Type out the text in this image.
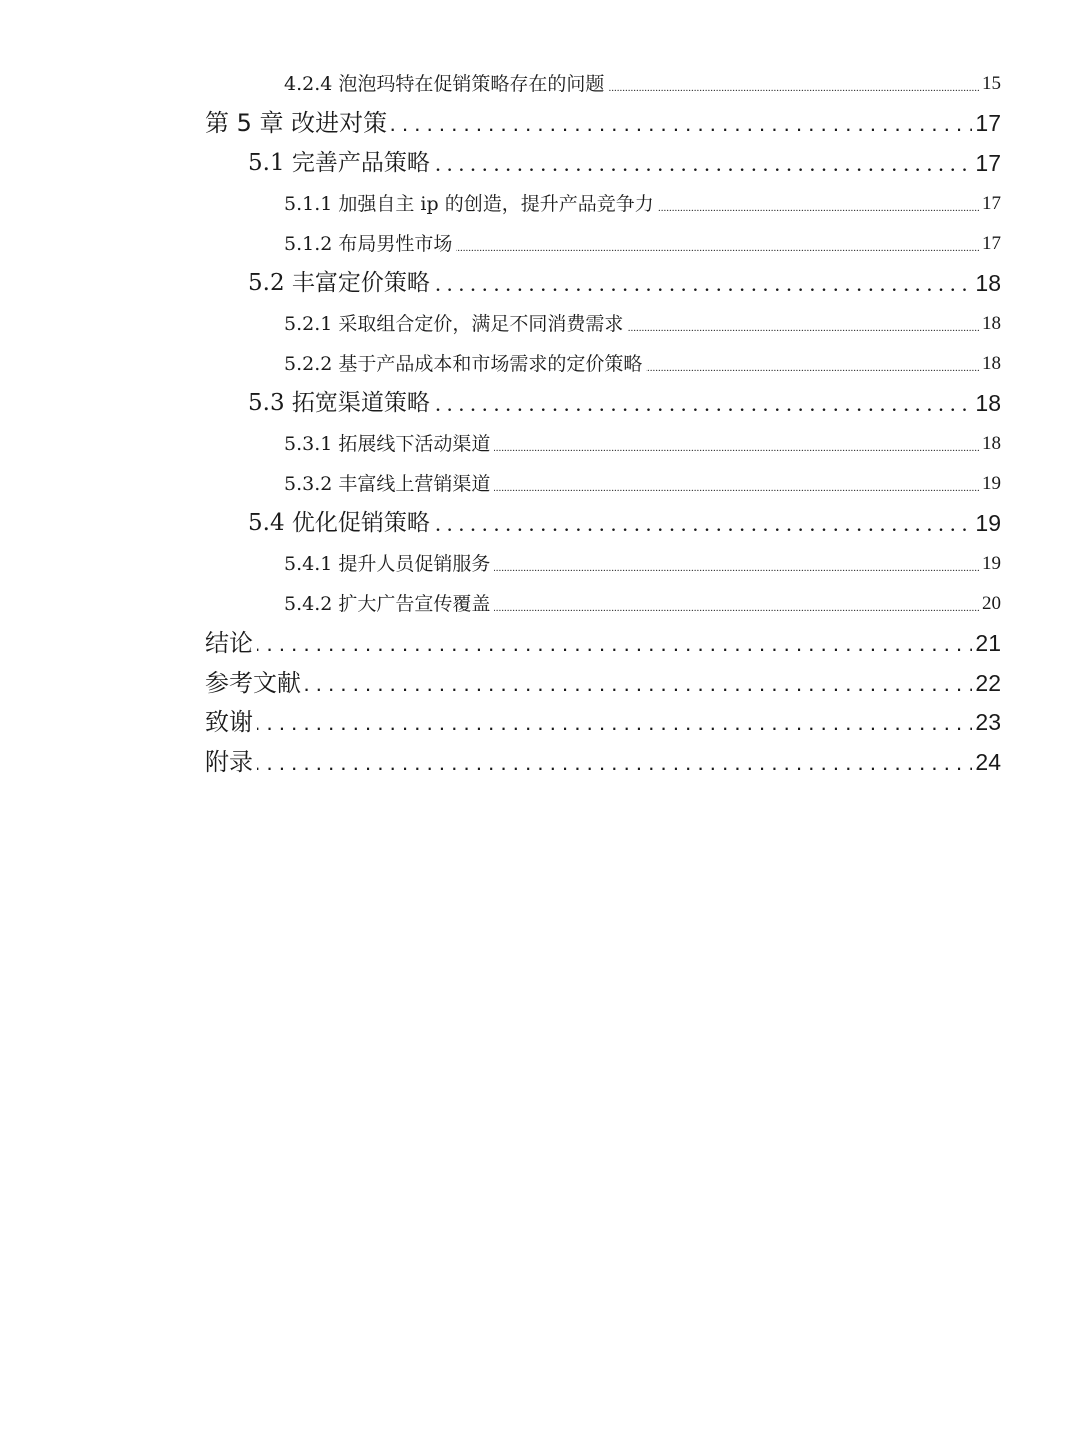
4.2.4 泡泡玛特在促销策略存在的问题 .....	15
第 5 章 改进对策 .....	17
5.1 完善产品策略 .....	17
5.1.1 加强自主 ip 的创造，提升产品竞争力 .....	17
5.1.2 布局男性市场 .....	17
5.2 丰富定价策略 .....	18
5.2.1 采取组合定价，满足不同消费需求 .....	18
5.2.2 基于产品成本和市场需求的定价策略 .....	18
5.3 拓宽渠道策略 .....	18
5.3.1 拓展线下活动渠道 .....	18
5.3.2 丰富线上营销渠道 .....	19
5.4 优化促销策略 .....	19
5.4.1 提升人员促销服务 .....	19
5.4.2 扩大广告宣传覆盖 .....	20
结论 .....	21
参考文献 .....	22
致谢 .....	23
附录 .....	24
